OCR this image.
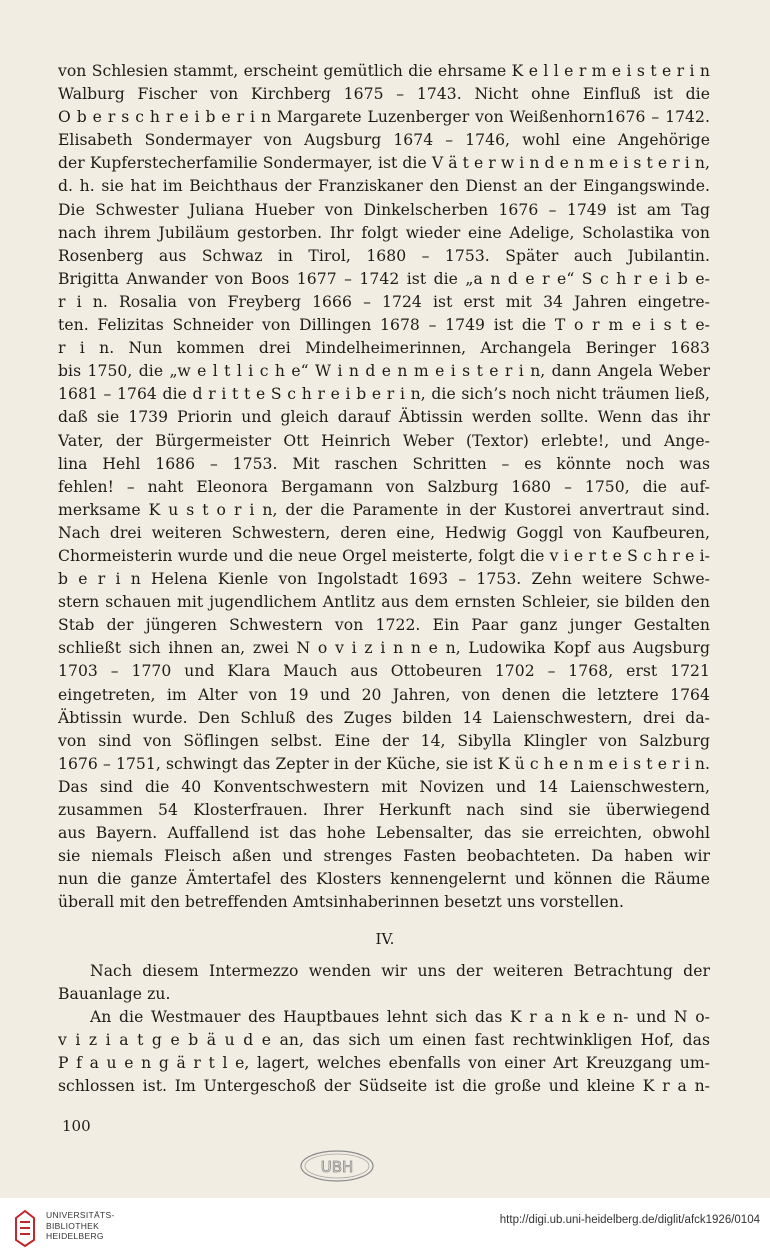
von Schlesien stammt, erscheint gemütlich die ehrsame K e l l e r m e i s t e r i n
Walburg Fischer von Kirchberg 1675 – 1743. Nicht ohne Einfluß ist die
O b e r s c h r e i b e r i n Margarete Luzenberger von Weißenhorn1676 – 1742.
Elisabeth Sondermayer von Augsburg 1674 – 1746, wohl eine Angehörige
der Kupferstecherfamilie Sondermayer, ist die V ä t e r w i n d e n m e i s t e r i n,
d. h. sie hat im Beichthaus der Franziskaner den Dienst an der Eingangswinde.
Die Schwester Juliana Hueber von Dinkelscherben 1676 – 1749 ist am Tag
nach ihrem Jubiläum gestorben. Ihr folgt wieder eine Adelige, Scholastika von
Rosenberg aus Schwaz in Tirol, 1680 – 1753. Später auch Jubilantin.
Brigitta Anwander von Boos 1677 – 1742 ist die „a n d e r e“ S c h r e i b e-
r i n. Rosalia von Freyberg 1666 – 1724 ist erst mit 34 Jahren eingetre-
ten. Felizitas Schneider von Dillingen 1678 – 1749 ist die T o r m e i s t e-
r i n. Nun kommen drei Mindelheimerinnen, Archangela Beringer 1683
bis 1750, die „w e l t l i c h e“ W i n d e n m e i s t e r i n, dann Angela Weber
1681 – 1764 die d r i t t e S c h r e i b e r i n, die sich’s noch nicht träumen ließ,
daß sie 1739 Priorin und gleich darauf Äbtissin werden sollte. Wenn das ihr
Vater, der Bürgermeister Ott Heinrich Weber (Textor) erlebte!, und Ange-
lina Hehl 1686 – 1753. Mit raschen Schritten – es könnte noch was
fehlen! – naht Eleonora Bergamann von Salzburg 1680 – 1750, die auf-
merksame K u s t o r i n, der die Paramente in der Kustorei anvertraut sind.
Nach drei weiteren Schwestern, deren eine, Hedwig Goggl von Kaufbeuren,
Chormeisterin wurde und die neue Orgel meisterte, folgt die v i e r t e S c h r e i-
b e r i n Helena Kienle von Ingolstadt 1693 – 1753. Zehn weitere Schwe-
stern schauen mit jugendlichem Antlitz aus dem ernsten Schleier, sie bilden den
Stab der jüngeren Schwestern von 1722. Ein Paar ganz junger Gestalten
schließt sich ihnen an, zwei N o v i z i n n e n, Ludowika Kopf aus Augsburg
1703 – 1770 und Klara Mauch aus Ottobeuren 1702 – 1768, erst 1721
eingetreten, im Alter von 19 und 20 Jahren, von denen die letztere 1764
Äbtissin wurde. Den Schluß des Zuges bilden 14 Laienschwestern, drei da-
von sind von Söflingen selbst. Eine der 14, Sibylla Klingler von Salzburg
1676 – 1751, schwingt das Zepter in der Küche, sie ist K ü c h e n m e i s t e r i n.
Das sind die 40 Konventschwestern mit Novizen und 14 Laienschwestern,
zusammen 54 Klosterfrauen. Ihrer Herkunft nach sind sie überwiegend
aus Bayern. Auffallend ist das hohe Lebensalter, das sie erreichten, obwohl
sie niemals Fleisch aßen und strenges Fasten beobachteten. Da haben wir
nun die ganze Ämtertafel des Klosters kennengelernt und können die Räume
überall mit den betreffenden Amtsinhaberinnen besetzt uns vorstellen.
IV.
Nach diesem Intermezzo wenden wir uns der weiteren Betrachtung der
Bauanlage zu.
An die Westmauer des Hauptbaues lehnt sich das K r a n k e n- und N o-
v i z i a t g e b ä u d e an, das sich um einen fast rechtwinkligen Hof, das
P f a u e n g ä r t l e, lagert, welches ebenfalls von einer Art Kreuzgang um-
schlossen ist. Im Untergeschoß der Südseite ist die große und kleine K r a n-
100
UBH
UNIVERSITÄTS-
BIBLIOTHEK
HEIDELBERG
http://digi.ub.uni-heidelberg.de/diglit/afck1926/0104
